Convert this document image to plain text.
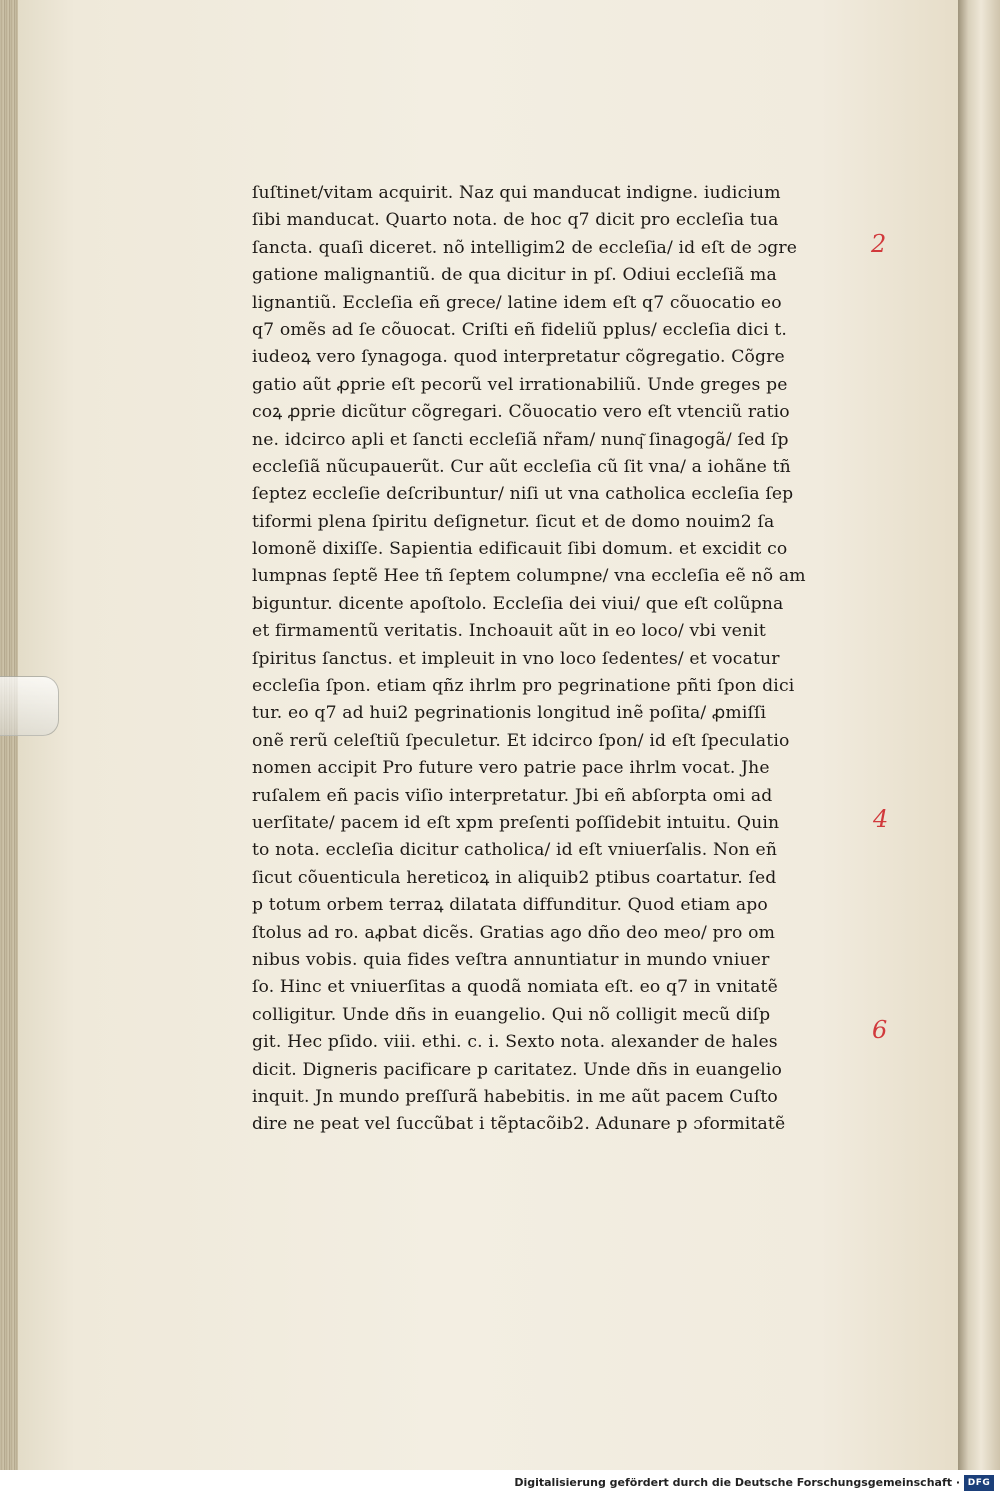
ſuſtinet/vitam acquirit. Naz qui manducat indigne. iudicium
ſibi manducat. Quarto nota. de hoc q7 dicit pro eccleſia tua
ſancta. quaſi diceret. nõ intelligim2 de eccleſia/ id eſt de ɔgre
gatione malignantiũ. de qua dicitur in pſ. Odiui eccleſiã ma
lignantiũ. Eccleſia eñ grece/ latine idem eſt q7 cõuocatio eo
q7 omẽs ad ſe cõuocat. Criſti eñ fideliũ pplus/ eccleſia dici t.
iudeoꝝ vero ſynagoga. quod interpretatur cõgregatio. Cõgre
gatio aũt ꝓprie eſt pecorũ vel irrationabiliũ. Unde greges pe
coꝝ ꝓprie dicũtur cõgregari. Cõuocatio vero eſt vtenciũ ratio
ne. idcirco apli et ſancti eccleſiã nr̃am/ nunq͂ ſinagogã/ ſed ſp
eccleſiã nũcupauerũt. Cur aũt eccleſia cũ ſit vna/ a iohãne tñ
ſeptez eccleſie deſcribuntur/ niſi ut vna catholica eccleſia ſep
tiformi plena ſpiritu deſignetur. ſicut et de domo nouim2 ſa
lomonẽ dixiſſe. Sapientia edificauit ſibi domum. et excidit co
lumpnas ſeptẽ Hee tñ ſeptem columpne/ vna eccleſia eẽ nõ am
biguntur. dicente apoſtolo. Eccleſia dei viui/ que eſt colũpna
et firmamentũ veritatis. Inchoauit aũt in eo loco/ vbi venit
ſpiritus ſanctus. et impleuit in vno loco ſedentes/ et vocatur
eccleſia ſpon. etiam qñz ihrlm pro pegrinatione pñti ſpon dici
tur. eo q7 ad hui2 pegrinationis longitud inẽ poſita/ ꝓmiſſi
onẽ rerũ celeſtiũ ſpeculetur. Et idcirco ſpon/ id eſt ſpeculatio
nomen accipit Pro future vero patrie pace ihrlm vocat. Jhe
ruſalem eñ pacis viſio interpretatur. Jbi eñ abſorpta omi ad
uerſitate/ pacem id eſt xpm preſenti poſſidebit intuitu. Quin
to nota. eccleſia dicitur catholica/ id eſt vniuerſalis. Non eñ
ſicut cõuenticula hereticoꝝ in aliquib2 ptibus coartatur. ſed
p totum orbem terraꝝ dilatata diffunditur. Quod etiam apo
ſtolus ad ro. aꝓbat dicẽs. Gratias ago dño deo meo/ pro om
nibus vobis. quia fides veſtra annuntiatur in mundo vniuer
ſo. Hinc et vniuerſitas a quodã nomiata eſt. eo q7 in vnitatẽ
colligitur. Unde dñs in euangelio. Qui nõ colligit mecũ diſp
git. Hec pſido. viii. ethi. c. i. Sexto nota. alexander de hales
dicit. Digneris pacificare p caritatez. Unde dñs in euangelio
inquit. Jn mundo preſſurã habebitis. in me aũt pacem Cuſto
dire ne peat vel ſuccũbat i tẽptacõib2. Adunare p ɔformitatẽ
2
4
6
Digitalisierung gefördert durch die Deutsche Forschungsgemeinschaft · DFG
